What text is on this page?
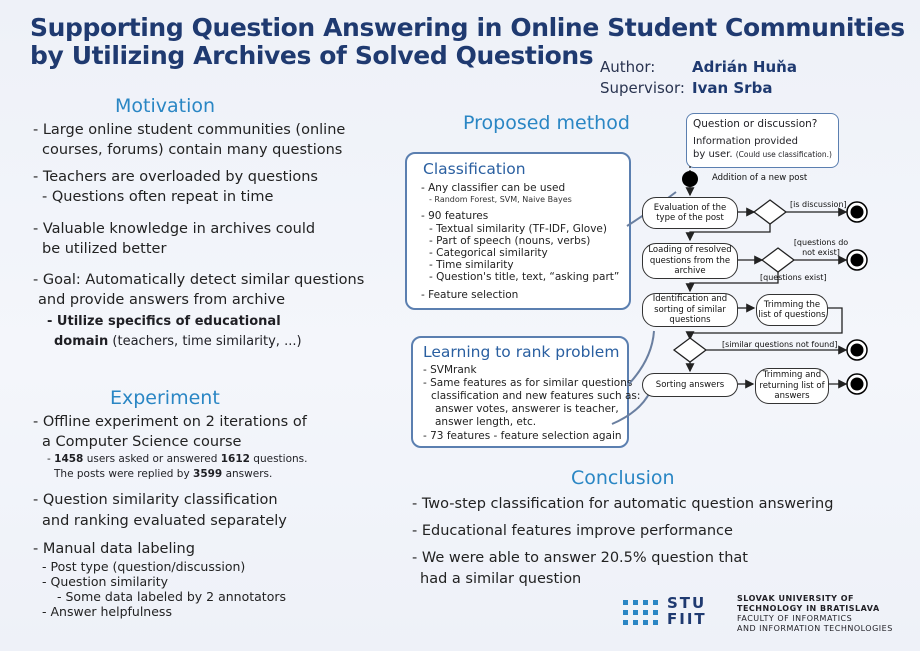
Supporting Question Answering in Online Student Communities
by Utilizing Archives of Solved Questions Author: Adrián Huňa
Supervisor: Ivan Srba
Motivation
- Large online student communities (online
courses, forums) contain many questions
- Teachers are overloaded by questions
- Questions often repeat in time
- Valuable knowledge in archives could
be utilized better
- Goal: Automatically detect similar questions
and provide answers from archive
- Utilize specifics of educational
domain (teachers, time similarity, ...)
Experiment
- Offline experiment on 2 iterations of
a Computer Science course
- 1458 users asked or answered 1612 questions.
The posts were replied by 3599 answers.
- Question similarity classification
and ranking evaluated separately
- Manual data labeling
- Post type (question/discussion)
- Question similarity
- Some data labeled by 2 annotators
- Answer helpfulness
Proposed method
Classification
- Any classifier can be used
- Random Forest, SVM, Naive Bayes
- 90 features
- Textual similarity (TF-IDF, Glove)
- Part of speech (nouns, verbs)
- Categorical similarity
- Time similarity
- Question's title, text, “asking part”
- Feature selection
Learning to rank problem
- SVMrank
- Same features as for similar questions
classification and new features such as:
answer votes, answerer is teacher,
answer length, etc.
- 73 features - feature selection again
Question or discussion?
Information provided
by user. (Could use classification.)
Addition of a new post
Evaluation of the type of the post
[is discussion]
Loading of resolved questions from the archive
[questions do not exist]
[questions exist]
Identification and sorting of similar questions
Trimming the list of questions
[similar questions not found]
Sorting answers
Trimming and returning list of answers
Conclusion
- Two-step classification for automatic question answering
- Educational features improve performance
- We were able to answer 20.5% question that
had a similar question
STU
FIIT
SLOVAK UNIVERSITY OF
TECHNOLOGY IN BRATISLAVA
FACULTY OF INFORMATICS
AND INFORMATION TECHNOLOGIES
